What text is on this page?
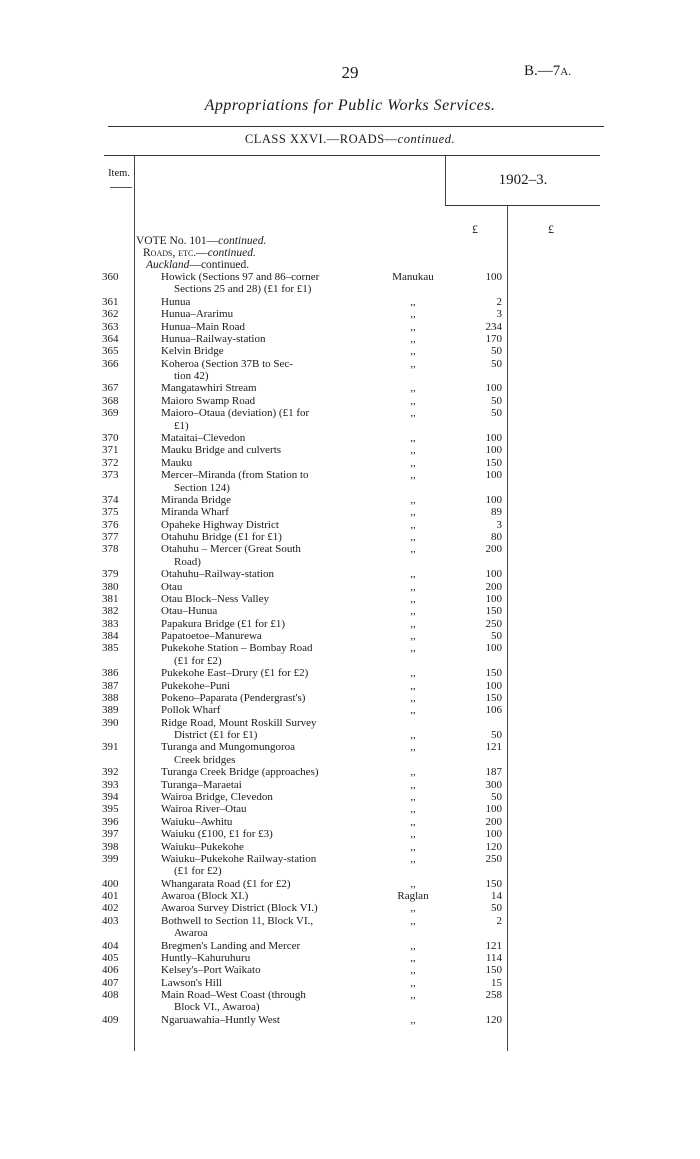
29	B.—7A.
Appropriations for Public Works Services.
CLASS XXVI.—ROADS—continued.
Item.	1902–3.
£	£
VOTE No. 101—continued.
Roads, etc.—continued.
Auckland—continued.
360	Howick (Sections 97 and 86–corner	Manukau	100
Sections 25 and 28) (£1 for £1)
361	Hunua	,,	2
362	Hunua–Ararimu	,,	3
363	Hunua–Main Road	,,	234
364	Hunua–Railway-station	,,	170
365	Kelvin Bridge	,,	50
366	Koheroa (Section 37B to Sec-	,,	50
tion 42)
367	Mangatawhiri Stream	,,	100
368	Maioro Swamp Road	,,	50
369	Maioro–Otaua (deviation) (£1 for	,,	50
£1)
370	Mataitai–Clevedon	,,	100
371	Mauku Bridge and culverts	,,	100
372	Mauku	,,	150
373	Mercer–Miranda (from Station to	,,	100
Section 124)
374	Miranda Bridge	,,	100
375	Miranda Wharf	,,	89
376	Opaheke Highway District	,,	3
377	Otahuhu Bridge (£1 for £1)	,,	80
378	Otahuhu – Mercer (Great South	,,	200
Road)
379	Otahuhu–Railway-station	,,	100
380	Otau	,,	200
381	Otau Block–Ness Valley	,,	100
382	Otau–Hunua	,,	150
383	Papakura Bridge (£1 for £1)	,,	250
384	Papatoetoe–Manurewa	,,	50
385	Pukekohe Station – Bombay Road	,,	100
(£1 for £2)
386	Pukekohe East–Drury (£1 for £2)	,,	150
387	Pukekohe–Puni	,,	100
388	Pokeno–Paparata (Pendergrast's)	,,	150
389	Pollok Wharf	,,	106
390	Ridge Road, Mount Roskill Survey
District (£1 for £1)	,,	50
391	Turanga and Mungomungoroa	,,	121
Creek bridges
392	Turanga Creek Bridge (approaches)	,,	187
393	Turanga–Maraetai	,,	300
394	Wairoa Bridge, Clevedon	,,	50
395	Wairoa River–Otau	,,	100
396	Waiuku–Awhitu	,,	200
397	Waiuku (£100, £1 for £3)	,,	100
398	Waiuku–Pukekohe	,,	120
399	Waiuku–Pukekohe Railway-station	,,	250
(£1 for £2)
400	Whangarata Road (£1 for £2)	,,	150
401	Awaroa (Block XI.)	Raglan	14
402	Awaroa Survey District (Block VI.)	,,	50
403	Bothwell to Section 11, Block VI.,	,,	2
Awaroa
404	Bregmen's Landing and Mercer	,,	121
405	Huntly–Kahuruhuru	,,	114
406	Kelsey's–Port Waikato	,,	150
407	Lawson's Hill	,,	15
408	Main Road–West Coast (through	,,	258
Block VI., Awaroa)
409	Ngaruawahia–Huntly West	,,	120
